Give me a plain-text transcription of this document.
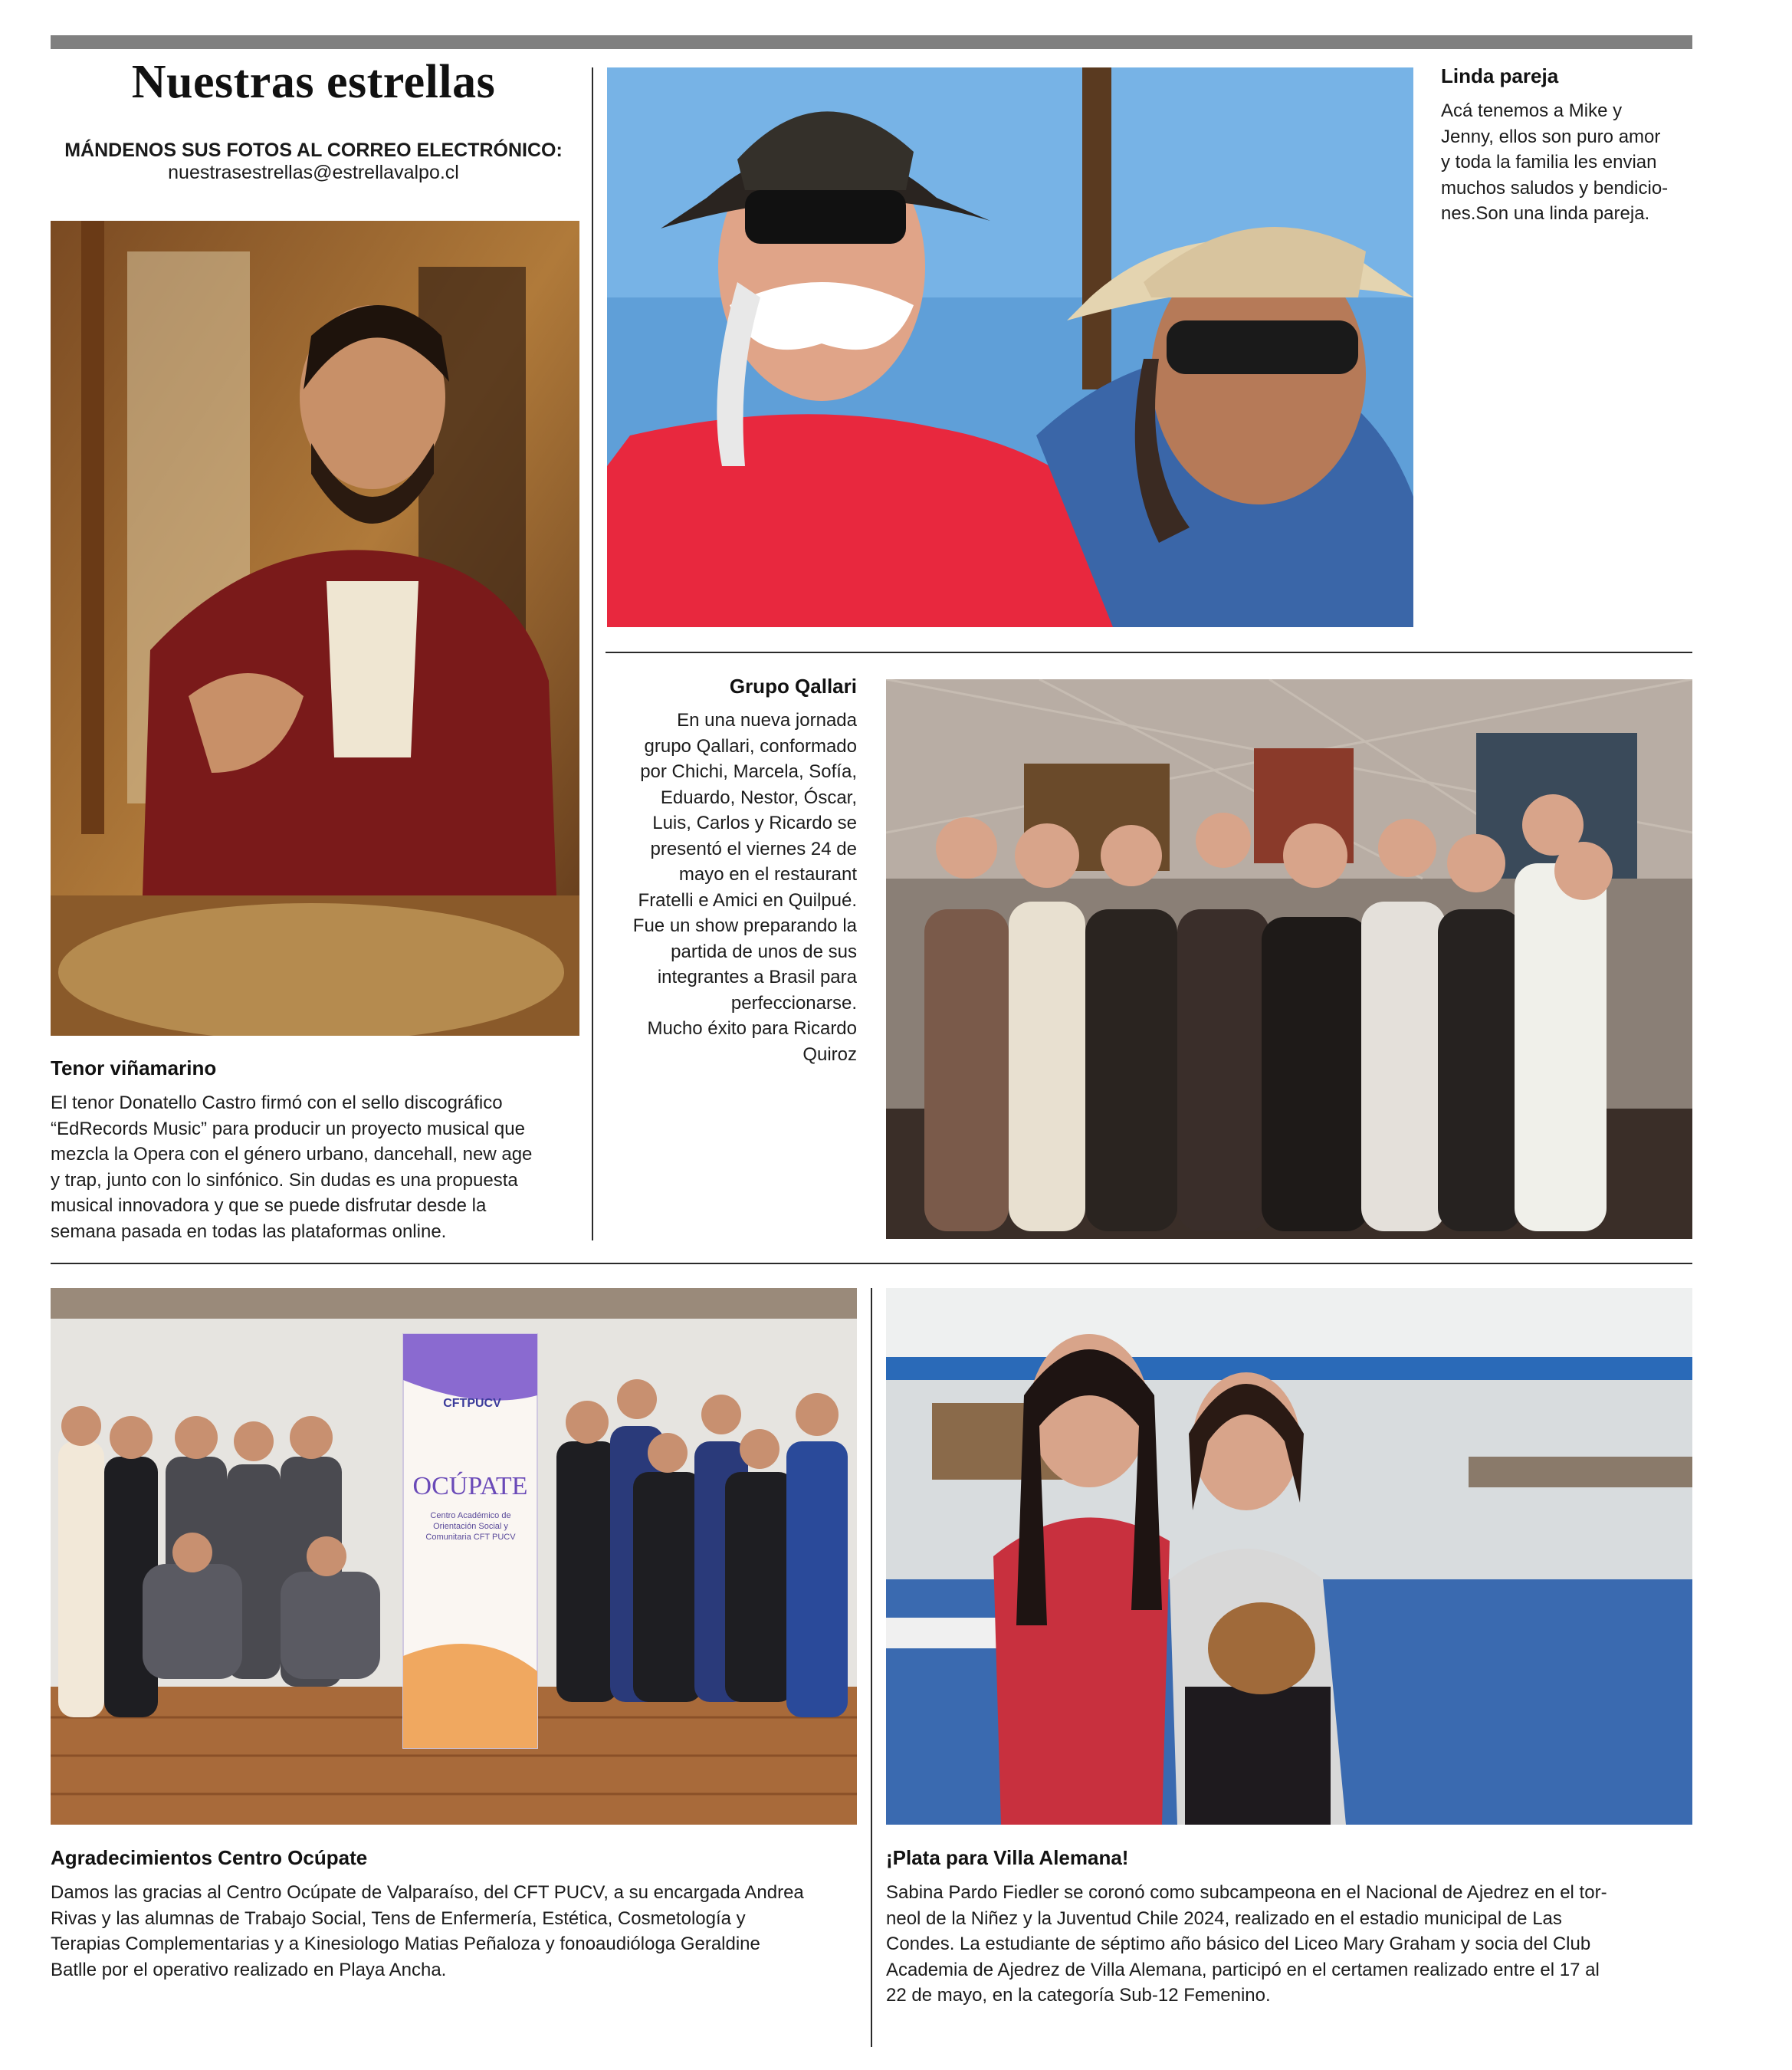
Nuestras estrellas
MÁNDENOS SUS FOTOS AL CORREO ELECTRÓNICO:
nuestrasestrellas@estrellavalpo.cl
Tenor viñamarino
El tenor Donatello Castro firmó con el sello discográfico
“EdRecords Music” para producir un proyecto musical que
mezcla la Opera con el género urbano, dancehall, new age
y trap, junto con lo sinfónico. Sin dudas es una propuesta
musical innovadora y que se puede disfrutar desde la
semana pasada en todas las plataformas online.
Linda pareja
Acá tenemos a Mike y
Jenny, ellos son puro amor
y toda la familia les envian
muchos saludos y bendicio-
nes.Son una linda pareja.
Grupo Qallari
En una nueva jornada
grupo Qallari, conformado
por Chichi, Marcela, Sofía,
Eduardo, Nestor, Óscar,
Luis, Carlos y Ricardo se
presentó el viernes 24 de
mayo en el restaurant
Fratelli e Amici en Quilpué.
Fue un show preparando la
partida de unos de sus
integrantes a Brasil para
perfeccionarse.
Mucho éxito para Ricardo
Quiroz
CFTPUCV
OCÚPATE
Centro Académico de Orientación Social y Comunitaria CFT PUCV
Agradecimientos Centro Ocúpate
Damos las gracias al Centro Ocúpate de Valparaíso, del CFT PUCV, a su encargada Andrea
Rivas y las alumnas de Trabajo Social, Tens de Enfermería, Estética, Cosmetología y
Terapias Complementarias y a Kinesiologo Matias Peñaloza y fonoaudióloga Geraldine
Batlle por el operativo realizado en Playa Ancha.
¡Plata para Villa Alemana!
Sabina Pardo Fiedler se coronó como subcampeona en el Nacional de Ajedrez en el tor-
neol de la Niñez y la Juventud Chile 2024, realizado en el estadio municipal de Las
Condes. La estudiante de séptimo año básico del Liceo Mary Graham y socia del Club
Academia de Ajedrez de Villa Alemana, participó en el certamen realizado entre el 17 al
22 de mayo, en la categoría Sub-12 Femenino.
